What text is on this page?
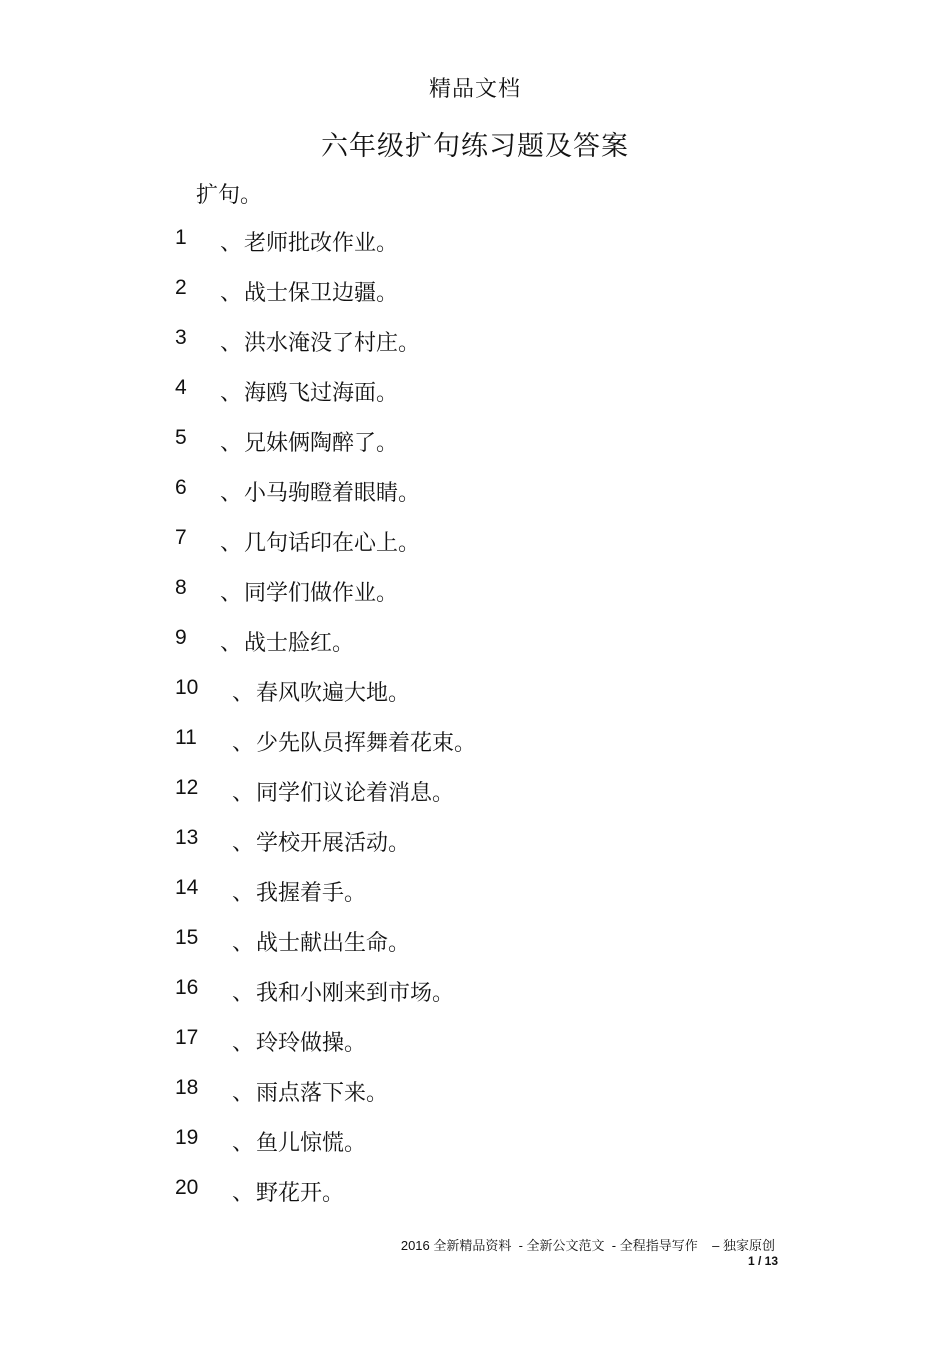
精品文档
六年级扩句练习题及答案
扩句。
1 、 老师批改作业。
2 、 战士保卫边疆。
3 、 洪水淹没了村庄。
4 、 海鸥飞过海面。
5 、 兄妹俩陶醉了。
6 、 小马驹瞪着眼睛。
7 、 几句话印在心上。
8 、 同学们做作业。
9 、 战士脸红。
10 、 春风吹遍大地。
11 、 少先队员挥舞着花束。
12 、 同学们议论着消息。
13 、 学校开展活动。
14 、 我握着手。
15 、 战士献出生命。
16 、 我和小刚来到市场。
17 、 玲玲做操。
18 、 雨点落下来。
19 、 鱼儿惊慌。
20 、 野花开。
2016 全新精品资料  - 全新公文范文  - 全程指导写作    – 独家原创
1 / 13
